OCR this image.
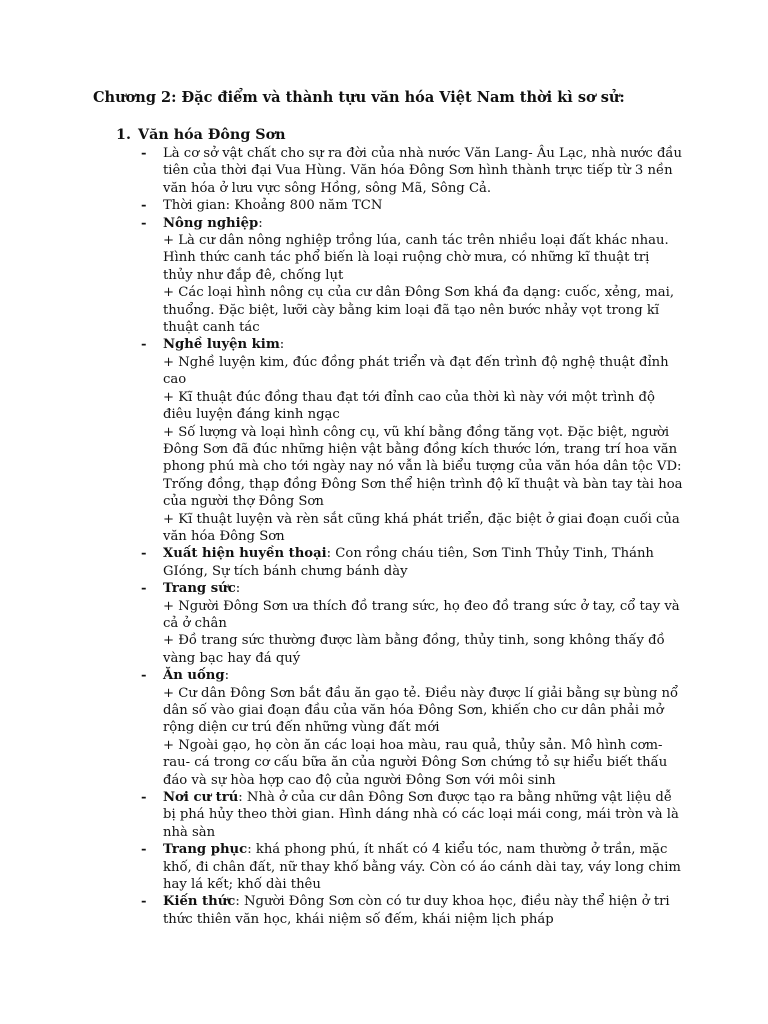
Chương 2: Đặc điểm và thành tựu văn hóa Việt Nam thời kì sơ sử:
1. Văn hóa Đông Sơn
- Là cơ sở vật chất cho sự ra đời của nhà nước Văn Lang- Âu Lạc, nhà nước đầu tiên của thời đại Vua Hùng. Văn hóa Đông Sơn hình thành trực tiếp từ 3 nền văn hóa ở lưu vực sông Hồng, sông Mã, Sông Cả.
- Thời gian: Khoảng 800 năm TCN
- Nông nghiệp:
+ Là cư dân nông nghiệp trồng lúa, canh tác trên nhiều loại đất khác nhau. Hình thức canh tác phổ biến là loại ruộng chờ mưa, có những kĩ thuật trị thủy như đắp đê, chống lụt
+ Các loại hình nông cụ của cư dân Đông Sơn khá đa dạng: cuốc, xẻng, mai, thuổng. Đặc biệt, lưỡi cày bằng kim loại đã tạo nên bước nhảy vọt trong kĩ thuật canh tác
- Nghề luyện kim:
+ Nghề luyện kim, đúc đồng phát triển và đạt đến trình độ nghệ thuật đỉnh cao
+ Kĩ thuật đúc đồng thau đạt tới đỉnh cao của thời kì này với một trình độ điêu luyện đáng kinh ngạc
+ Số lượng và loại hình công cụ, vũ khí bằng đồng tăng vọt. Đặc biệt, người Đông Sơn đã đúc những hiện vật bằng đồng kích thước lớn, trang trí hoa văn phong phú mà cho tới ngày nay nó vẫn là biểu tượng của văn hóa dân tộc VD: Trống đồng, thạp đồng Đông Sơn thể hiện trình độ kĩ thuật và bàn tay tài hoa của người thợ Đông Sơn
+ Kĩ thuật luyện và rèn sắt cũng khá phát triển, đặc biệt ở giai đoạn cuối của văn hóa Đông Sơn
- Xuất hiện huyền thoại: Con rồng cháu tiên, Sơn Tinh Thủy Tinh, Thánh GIóng, Sự tích bánh chưng bánh dày
- Trang sức:
+ Người Đông Sơn ưa thích đồ trang sức, họ đeo đồ trang sức ở tay, cổ tay và cả ở chân
+ Đồ trang sức thường được làm bằng đồng, thủy tinh, song không thấy đồ vàng bạc hay đá quý
- Ăn uống:
+ Cư dân Đông Sơn bắt đầu ăn gạo tẻ. Điều này được lí giải bằng sự bùng nổ dân số vào giai đoạn đầu của văn hóa Đông Sơn, khiến cho cư dân phải mở rộng diện cư trú đến những vùng đất mới
+ Ngoài gạo, họ còn ăn các loại hoa màu, rau quả, thủy sản. Mô hình cơm-rau- cá trong cơ cấu bữa ăn của người Đông Sơn chứng tỏ sự hiểu biết thấu đáo và sự hòa hợp cao độ của người Đông Sơn với môi sinh
- Nơi cư trú: Nhà ở của cư dân Đông Sơn được tạo ra bằng những vật liệu dễ bị phá hủy theo thời gian. Hình dáng nhà có các loại mái cong, mái tròn và là nhà sàn
- Trang phục: khá phong phú, ít nhất có 4 kiểu tóc, nam thường ở trần, mặc khố, đi chân đất, nữ thay khố bằng váy. Còn có áo cánh dài tay, váy long chim hay lá kết; khố dài thêu
- Kiến thức: Người Đông Sơn còn có tư duy khoa học, điều này thể hiện ở tri thức thiên văn học, khái niệm số đếm, khái niệm lịch pháp
